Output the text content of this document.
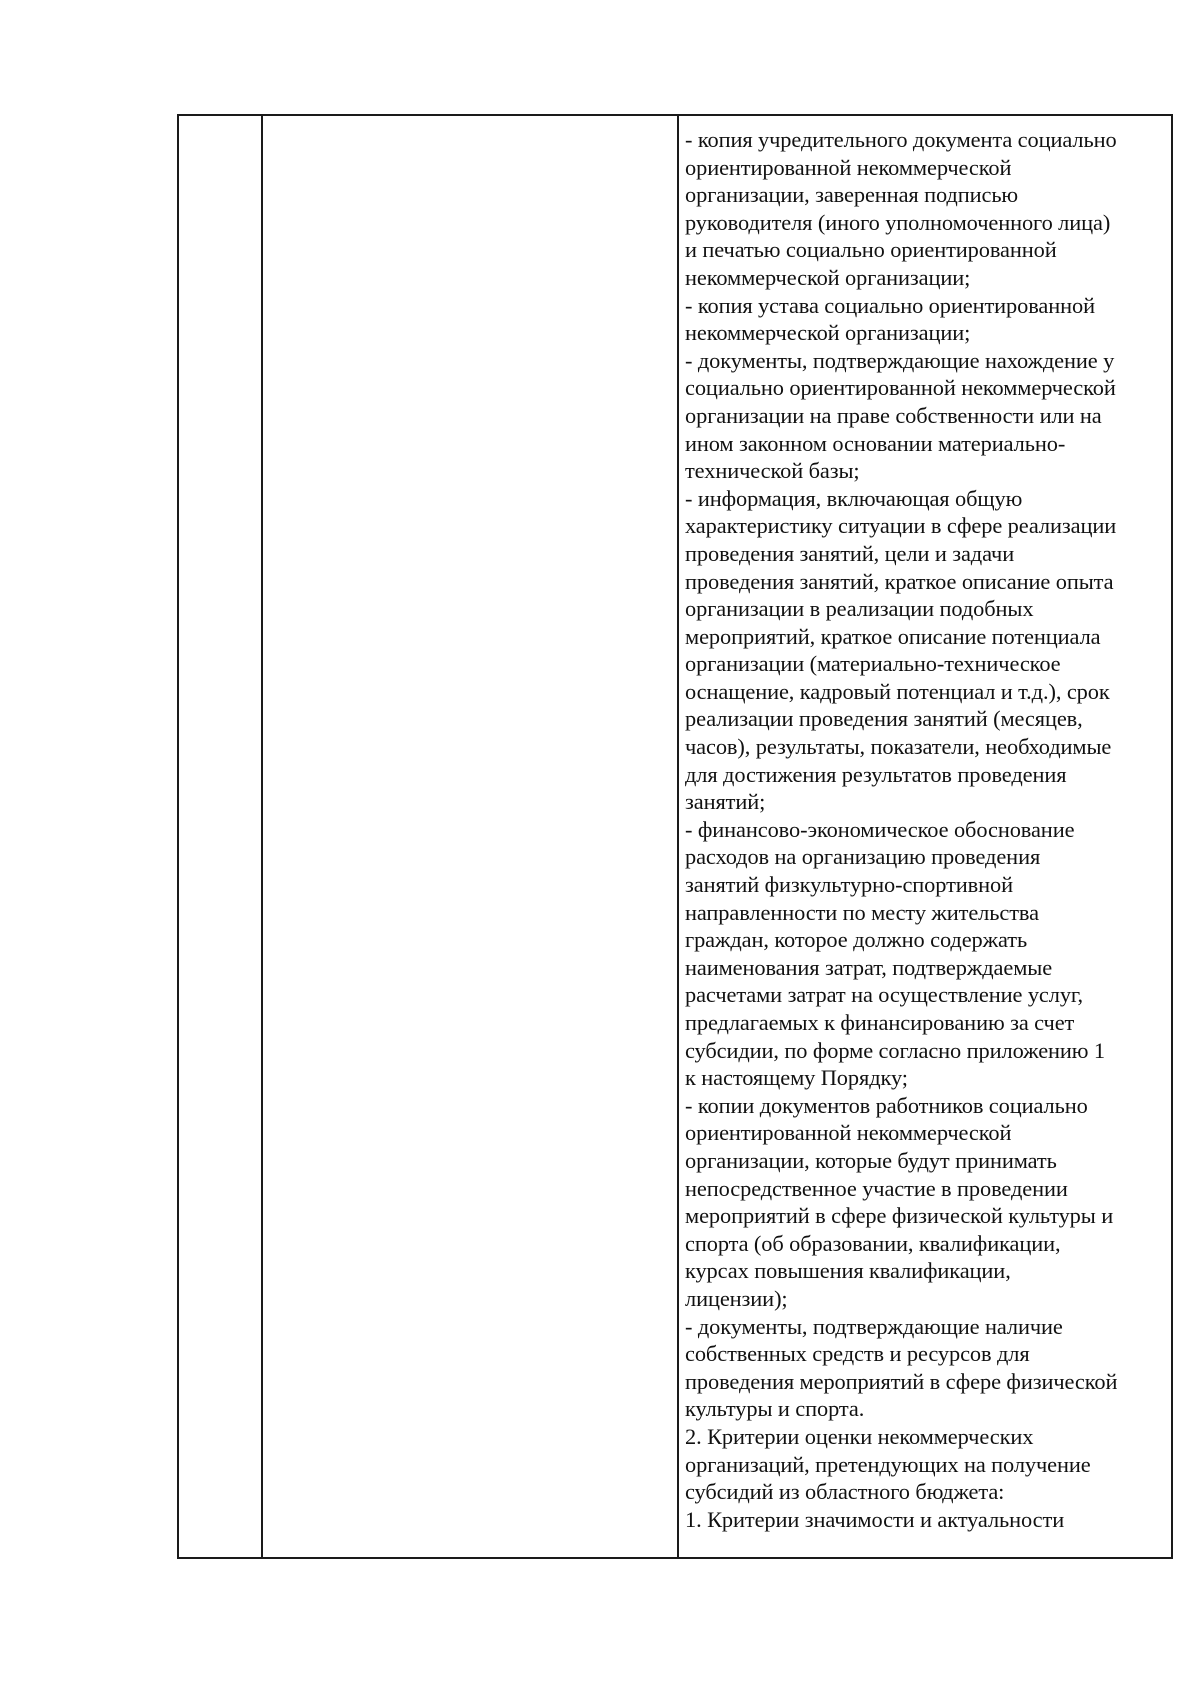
- копия учредительного документа социально
ориентированной некоммерческой
организации, заверенная подписью
руководителя (иного уполномоченного лица)
и печатью социально ориентированной
некоммерческой организации;
- копия устава социально ориентированной
некоммерческой организации;
- документы, подтверждающие нахождение у
социально ориентированной некоммерческой
организации на праве собственности или на
ином законном основании материально-
технической базы;
- информация, включающая общую
характеристику ситуации в сфере реализации
проведения занятий, цели и задачи
проведения занятий, краткое описание опыта
организации в реализации подобных
мероприятий, краткое описание потенциала
организации (материально-техническое
оснащение, кадровый потенциал и т.д.), срок
реализации проведения занятий (месяцев,
часов), результаты, показатели, необходимые
для достижения результатов проведения
занятий;
- финансово-экономическое обоснование
расходов на организацию проведения
занятий физкультурно-спортивной
направленности по месту жительства
граждан, которое должно содержать
наименования затрат, подтверждаемые
расчетами затрат на осуществление услуг,
предлагаемых к финансированию за счет
субсидии, по форме согласно приложению 1
к настоящему Порядку;
- копии документов работников социально
ориентированной некоммерческой
организации, которые будут принимать
непосредственное участие в проведении
мероприятий в сфере физической культуры и
спорта (об образовании, квалификации,
курсах повышения квалификации,
лицензии);
- документы, подтверждающие наличие
собственных средств и ресурсов для
проведения мероприятий в сфере физической
культуры и спорта.
2. Критерии оценки некоммерческих
организаций, претендующих на получение
субсидий из областного бюджета:
1. Критерии значимости и актуальности
